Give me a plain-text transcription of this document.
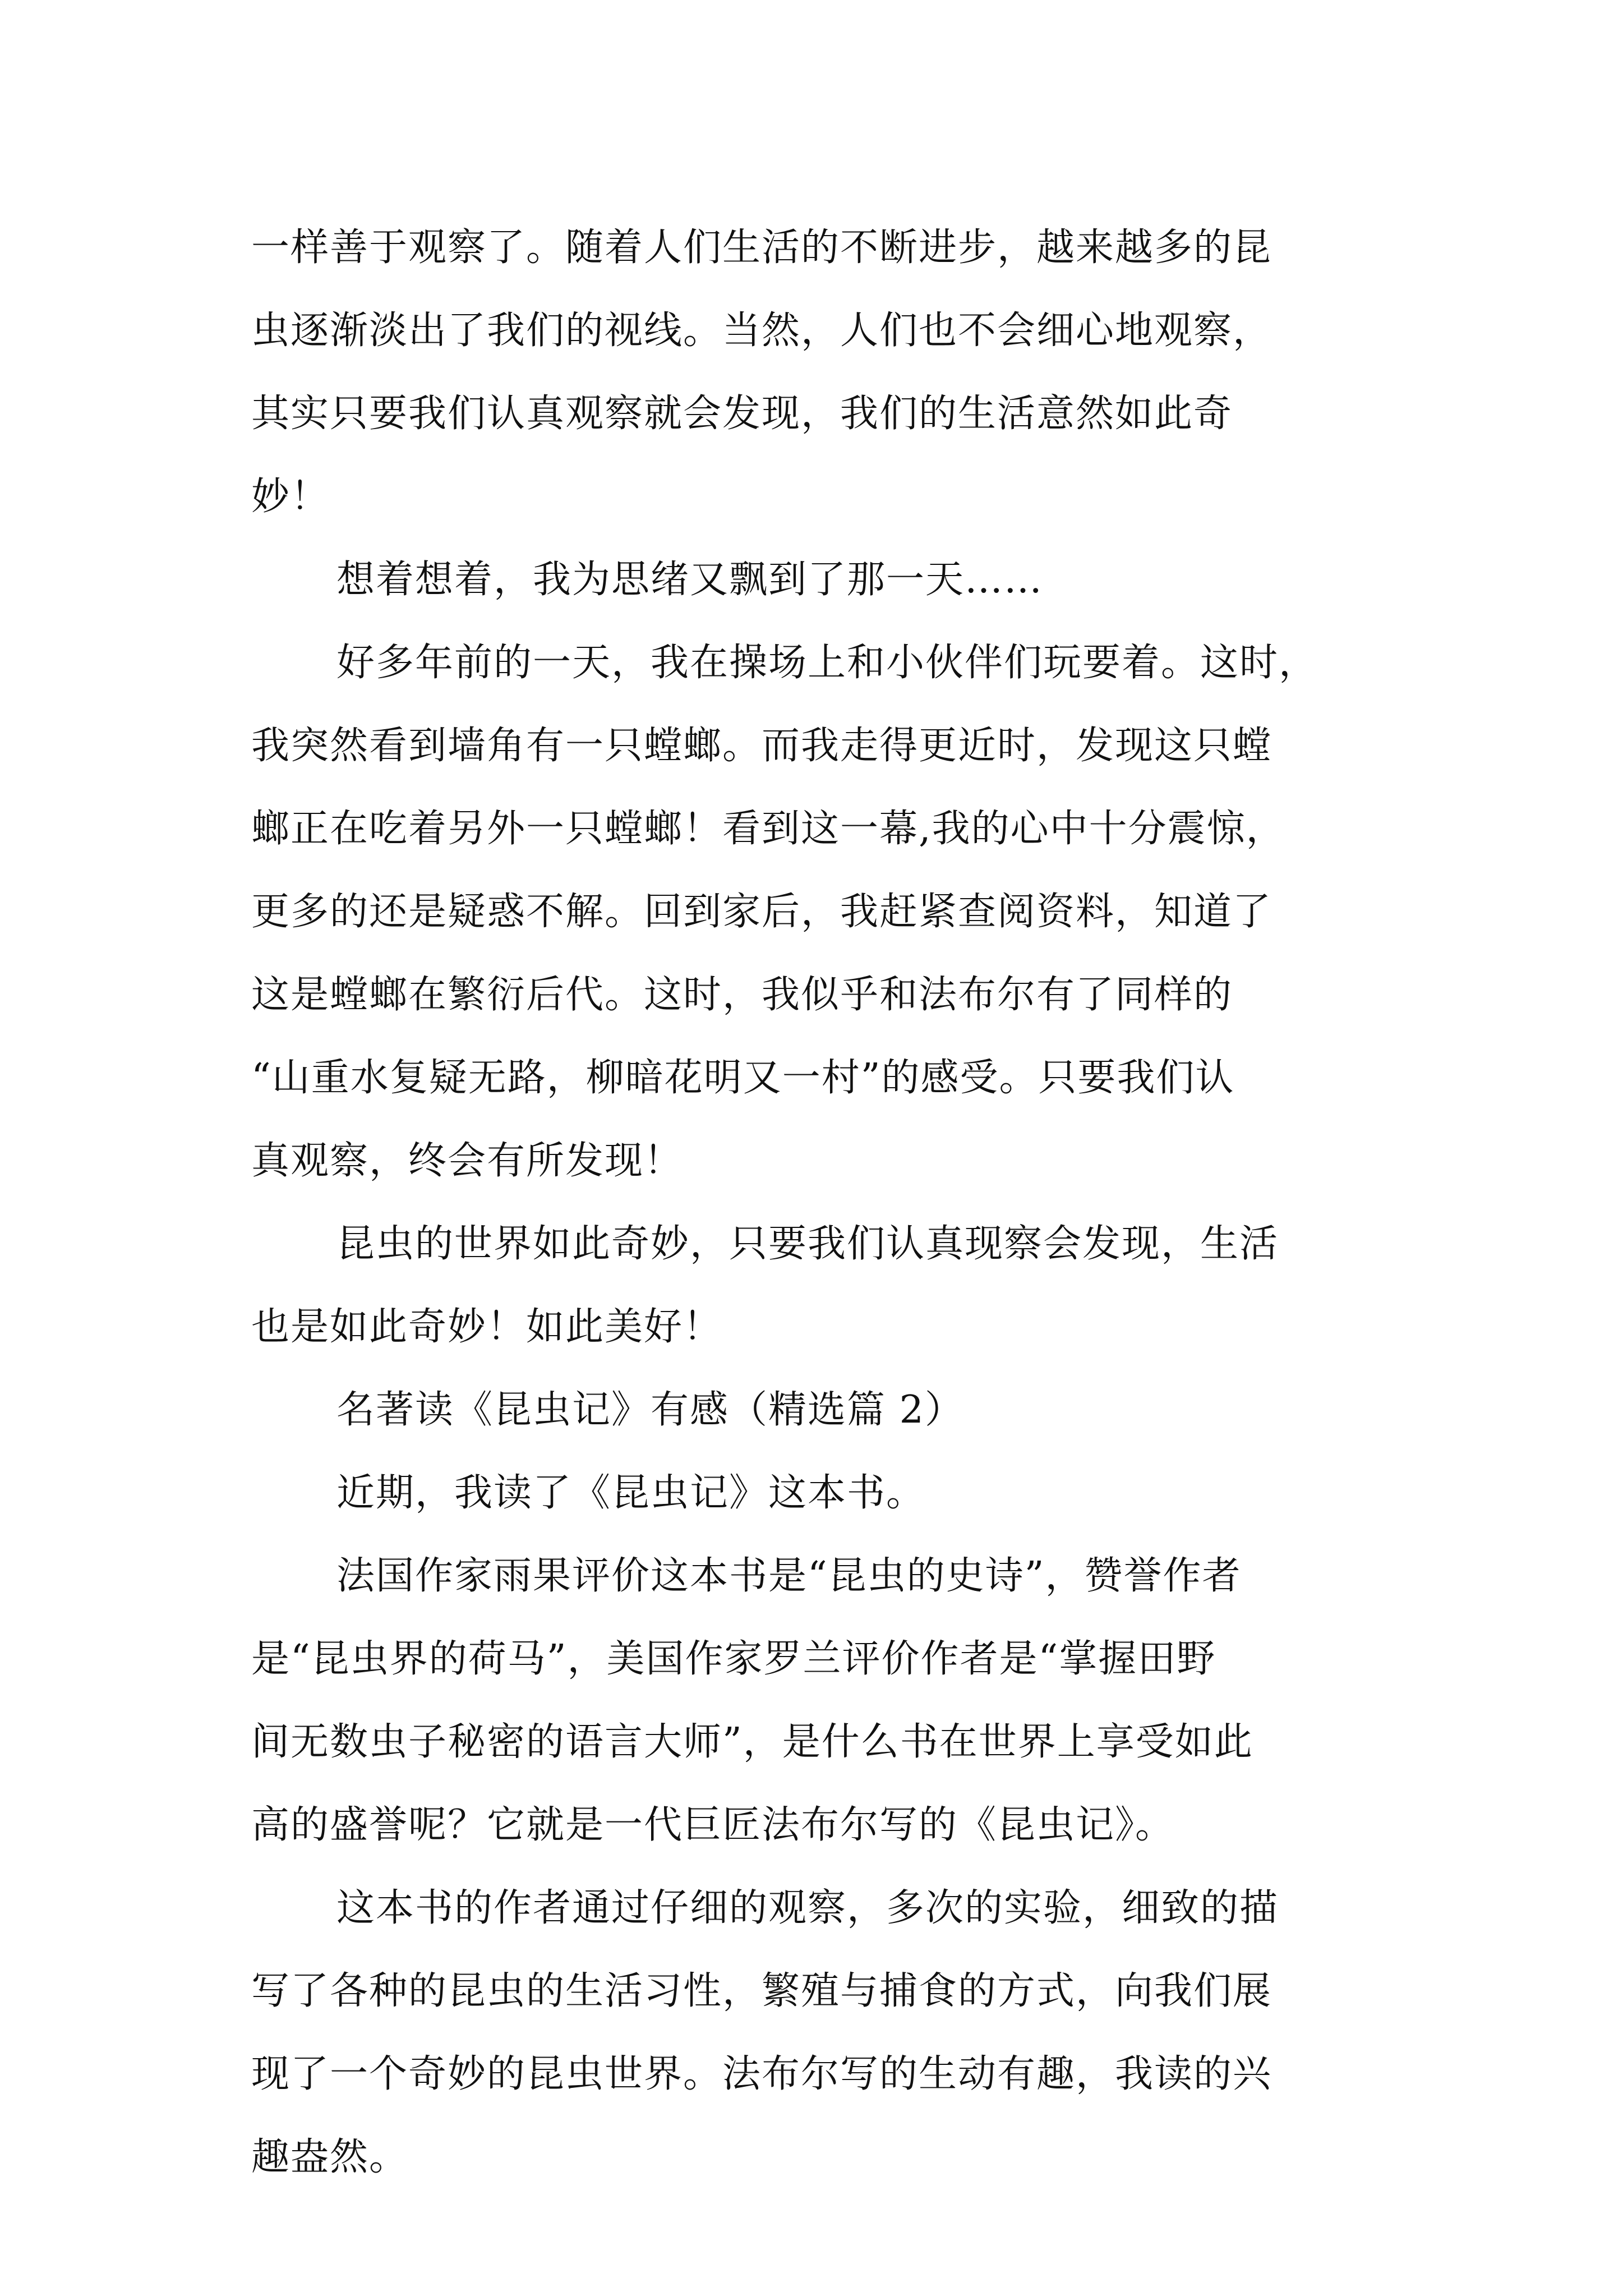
一样善于观察了。随着人们生活的不断进步，越来越多的昆
虫逐渐淡出了我们的视线。当然，人们也不会细心地观察，
其实只要我们认真观察就会发现，我们的生活意然如此奇
妙！
想着想着，我为思绪又飘到了那一天……
好多年前的一天，我在操场上和小伙伴们玩要着。这时，
我突然看到墙角有一只螳螂。而我走得更近时，发现这只螳
螂正在吃着另外一只螳螂！看到这一幕,我的心中十分震惊，
更多的还是疑惑不解。回到家后，我赶紧查阅资料，知道了
这是螳螂在繁衍后代。这时，我似乎和法布尔有了同样的
“山重水复疑无路，柳暗花明又一村”的感受。只要我们认
真观察，终会有所发现！
昆虫的世界如此奇妙，只要我们认真现察会发现，生活
也是如此奇妙！如此美好！
名著读《昆虫记》有感（精选篇 2）
近期，我读了《昆虫记》这本书。
法国作家雨果评价这本书是“昆虫的史诗”，赞誉作者
是“昆虫界的荷马”，美国作家罗兰评价作者是“掌握田野
间无数虫子秘密的语言大师”，是什么书在世界上享受如此
高的盛誉呢？它就是一代巨匠法布尔写的《昆虫记》。
这本书的作者通过仔细的观察，多次的实验，细致的描
写了各种的昆虫的生活习性，繁殖与捕食的方式，向我们展
现了一个奇妙的昆虫世界。法布尔写的生动有趣，我读的兴
趣盎然。
